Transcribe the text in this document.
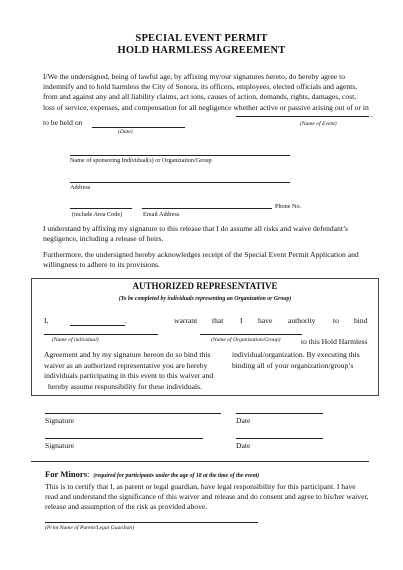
SPECIAL EVENT PERMIT
HOLD HARMLESS AGREEMENT
I/We the undersigned, being of lawful age, by affixing my/our signatures hereto, do hereby agree to indemnify and to hold harmless the City of Sonora, its officers, employees, elected officials and agents, from and against any and all liability claims, act ions, causes of action, demands, rights, damages, cost, loss of service, expenses, and compensation for all negligence whether active or passive arising out of or in
.
to be held on	(Name of Event)
(Date)
Name of sponsoring Individual(s) or Organization/Group
Address
Phone No.
(include Area Code)	Email Address
I understand by affixing my signature to this release that I do assume all risks and waive defendant’s negligence, including a release of heirs.
Furthermore, the undersigned hereby acknowledges receipt of the Special Event Permit Application and willingness to adhere to its provisions.
AUTHORIZED REPRESENTATIVE
(To be completed by individuals representing an Organization or Group)
I,	.	warrant that I have authority to bind
(Name of individual)	(Name of Organization/Group)	to this Hold Harmless
Agreement and by my signature hereon do so bind this
waiver as an authorized representative you are hereby
individuals participating in this event to this waiver and
hereby assume responsibility for these individuals.
individual/organization. By executing this
binding all of your organization/group’s
Signature	Date
Signature	Date
For Minors: (required for participants under the age of 18 at the time of the event)
This is to certify that I, as parent or legal guardian, have legal responsibility for this participant. I have read and understand the significance of this waiver and release and do consent and agree to his/her waiver, release and assumption of the risk as provided above.
(Print Name of Parent/Legal Guardian)
